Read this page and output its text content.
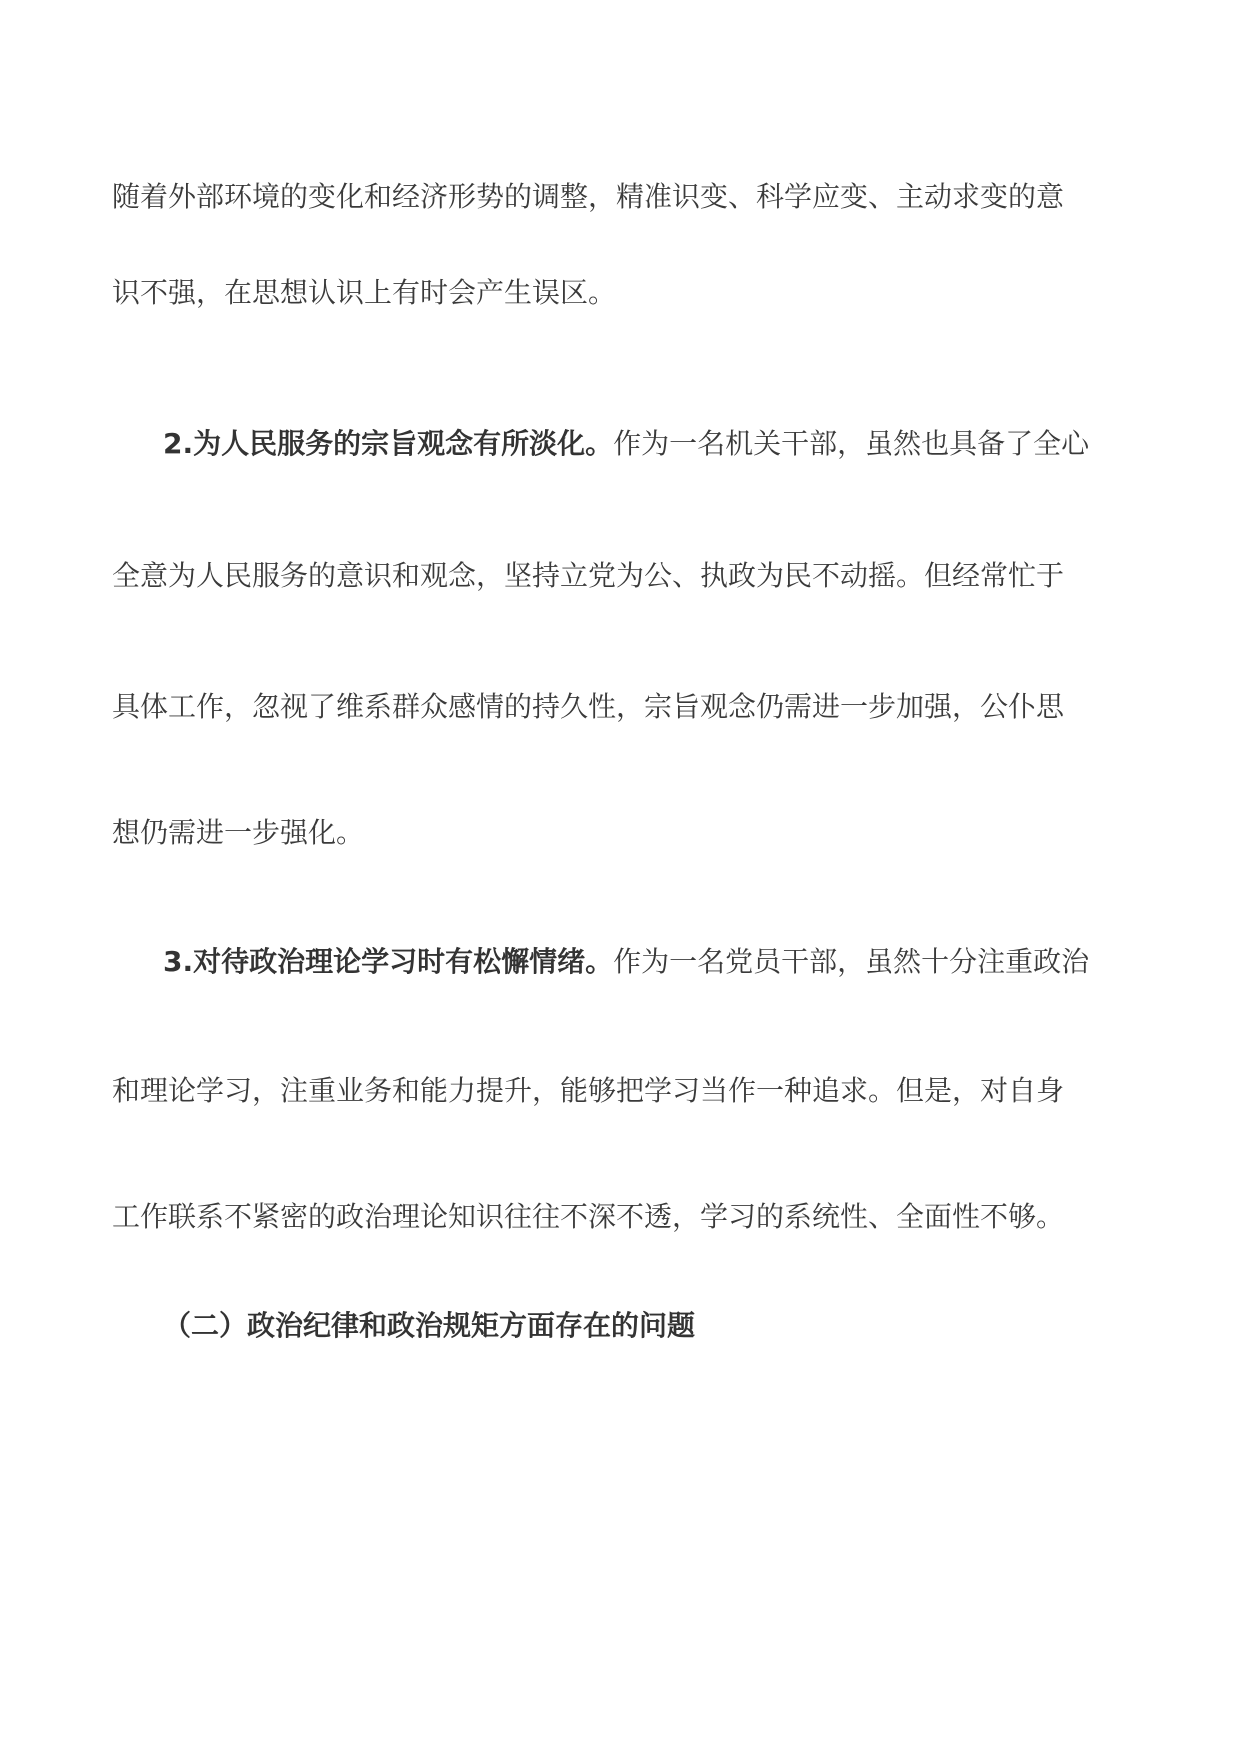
随着外部环境的变化和经济形势的调整，精准识变、科学应变、主动求变的意
识不强，在思想认识上有时会产生误区。
2.为人民服务的宗旨观念有所淡化。作为一名机关干部，虽然也具备了全心
全意为人民服务的意识和观念，坚持立党为公、执政为民不动摇。但经常忙于
具体工作，忽视了维系群众感情的持久性，宗旨观念仍需进一步加强，公仆思
想仍需进一步强化。
3.对待政治理论学习时有松懈情绪。作为一名党员干部，虽然十分注重政治
和理论学习，注重业务和能力提升，能够把学习当作一种追求。但是，对自身
工作联系不紧密的政治理论知识往往不深不透，学习的系统性、全面性不够。
（二）政治纪律和政治规矩方面存在的问题
